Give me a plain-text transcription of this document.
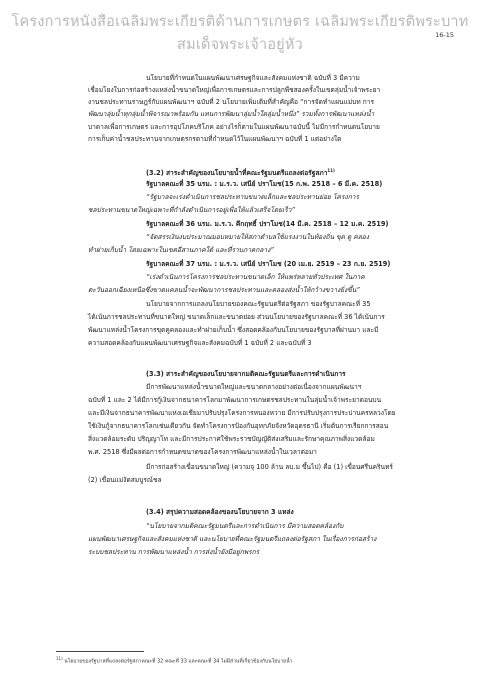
โครงการหนังสือเฉลิมพระเกียรติด้านการเกษตร เฉลิมพระเกียรติพระบาทสมเด็จพระเจ้าอยู่หัว
16-15
นโยบายที่กำหนดในแผนพัฒนาเศรษฐกิจและสังคมแห่งชาติ ฉบับที่ 3 มีความ
เชื่อมโยงในการก่อสร้างแหล่งน้ำขนาดใหญ่เพื่อการเกษตรและการปลูกพืชสองครั้งในเขตลุ่มน้ำเจ้าพระยา
งานชลประทานราษฎร์กับแผนพัฒนาฯ ฉบับที่ 2 นโยบายเพิ่มเติมที่สำคัญคือ “การจัดทำแผนแม่บท การ
พัฒนาลุ่มน้ำทุกลุ่มน้ำพิจารณาพร้อมกัน แทนการพัฒนาลุ่มน้ำใดลุ่มน้ำหนึ่ง” รวมทั้งการพัฒนาแหล่งน้ำ
บาดาลเพื่อการเกษตร และการอุปโภคบริโภค อย่างไรก็ตามในแผนพัฒนาฉบับนี้ ไม่มีการกำหนดนโยบาย
การเก็บค่าน้ำชลประทานจากเกษตรกรตามที่กำหนดไว้ในแผนพัฒนาฯ ฉบับที่ 1 แต่อย่างใด
(3.2) สาระสำคัญของนโยบายน้ำที่คณะรัฐมนตรีแถลงต่อรัฐสภา$^{11)}$
รัฐบาลคณะที่ 35 นรม. : ม.ร.ว. เสนีย์ ปราโมช(15 ก.พ. 2518 – 6 มี.ค. 2518)
“รัฐบาลจะเร่งดำเนินการชลประทานขนาดเล็กและชลประทานย่อย โครงการ
ชลประทานขนาดใหญ่เฉพาะที่กำลังดำเนินการอยู่เพื่อให้แล้วเสร็จโดยเร็ว”
รัฐบาลคณะที่ 36 นรม. ม.ร.ว. คึกฤทธิ์ ปราโมช(14 มี.ค. 2518 – 12 ม.ค. 2519)
“จัดสรรเงินงบประมาณมอบหมายให้สภาตำบลใช้แรงงานในท้องถิ่น ขุด ดู คลอง
ทำฝายเก็บน้ำ โดยเฉพาะในเขตอีสานภาคใต้ และที่ราบภาคกลาง”
รัฐบาลคณะที่ 37 นรม. : ม.ร.ว. เสนีย์ ปราโมช (20 เม.ย. 2519 – 23 ก.ย. 2519)
“เร่งดำเนินการโครงการชลประทานขนาดเล็ก ให้แพร่หลายทั่วประเทศ ในภาค
ตะวันออกเฉียงเหนือซึ่งขาดแคลนน้ำจะพัฒนาการชลประทานและคลองส่งน้ำให้กว้างขวางยิ่งขึ้น”
นโยบายจากการแถลงนโยบายของคณะรัฐมนตรีต่อรัฐสภา ของรัฐบาลคณะที่ 35
ได้เน้นการชลประทานที่ขนาดใหญ่ ขนาดเล็กและขนาดย่อย ส่วนนโยบายของรัฐบาลคณะที่ 36 ได้เน้นการ
พัฒนาแหล่งน้ำโครงการขุดคูคลองและทำฝายเก็บน้ำ ซึ่งสอดคล้องกับนโยบายของรัฐบาลที่ผ่านมา และมี
ความสอดคล้องกับแผนพัฒนาเศรษฐกิจและสังคมฉบับที่ 1 ฉบับที่ 2 และฉบับที่ 3
(3.3) สาระสำคัญของนโยบายจากมติคณะรัฐมนตรีและการดำเนินการ
มีการพัฒนาแหล่งน้ำขนาดใหญ่และขนาดกลางอย่างต่อเนื่องจากแผนพัฒนาฯ
ฉบับที่ 1 และ 2 ได้มีการกู้เงินจากธนาคารโลกมาพัฒนาการเกษตรชลประทานในลุ่มน้ำเจ้าพระยาตอนบน
และมีเงินจากธนาคารพัฒนาแห่งเอเชียมาปรับปรุงโครงการหนองหวาย มีการปรับปรุงการประปานครหลวงโดย
ใช้เงินกู้จากธนาคารโลกเช่นเดียวกัน จัดทำโครงการป้องกันอุทกภัยจังหวัดอุดรธานี เริ่มต้นการเรียกการสอน
สิ่งแวดล้อมระดับ ปริญญาโท และมีการประกาศใช้พระราชบัญญัติส่งเสริมและรักษาคุณภาพสิ่งแวดล้อม
พ.ศ. 2518 ซึ่งมีผลต่อการกำหนดขนาดของโครงการพัฒนาแหล่งน้ำในเวลาต่อมา
มีการก่อสร้างเขื่อนขนาดใหญ่ (ความจุ 100 ล้าน ลบ.ม ขึ้นไป) คือ (1) เขื่อนศรีนครินทร์
(2) เขื่อนแม่งัดสมบูรณ์ชล
(3.4) สรุปความสอดคล้องของนโยบายจาก 3 แหล่ง
“นโยบายจากมติคณะรัฐมนตรีและการดำเนินการ มีความสอดคล้องกับ
แผนพัฒนาเศรษฐกิจและสังคมแห่งชาติ และนโยบายที่คณะรัฐมนตรีแถลงต่อรัฐสภา ในเรื่องการก่อสร้าง
ระบบชลประทาน การพัฒนาแหล่งน้ำ การส่งน้ำยังมีอยู่กพรกร
$^{11)}$ นโยบายของรัฐบาลที่แถลงต่อรัฐสภาคณะที่ 32 คณะที่ 33 และคณะที่ 34 ไม่มีส่วนที่เกี่ยวข้องกับนโยบายน้ำ
